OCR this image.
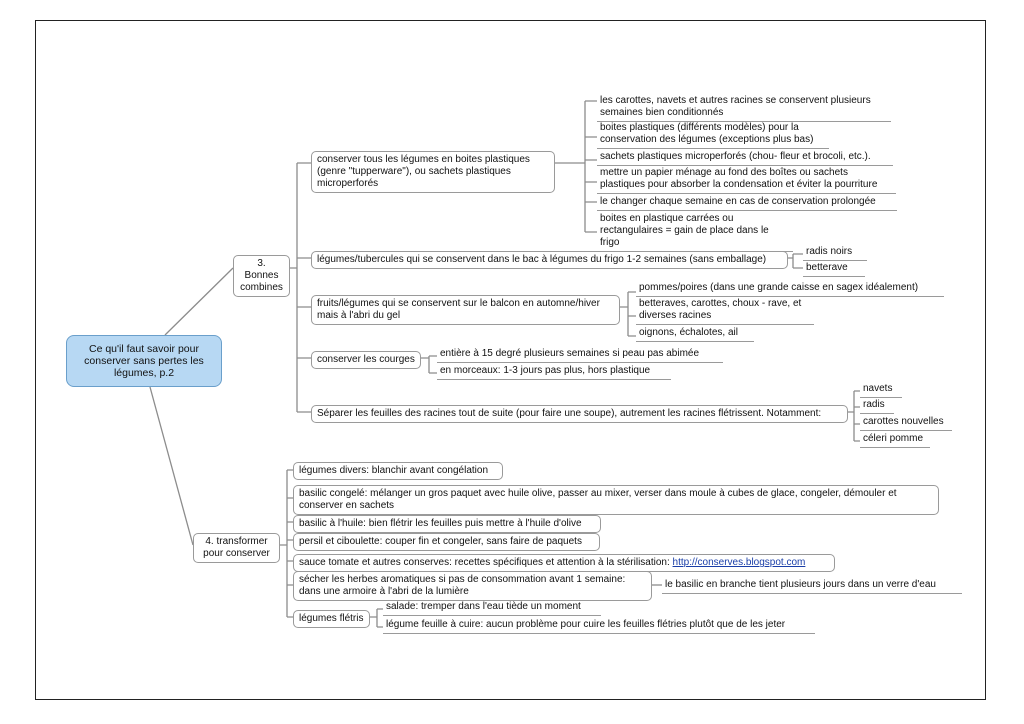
Ce qu'il faut savoir pour conserver sans pertes les légumes, p.2
3. Bonnes combines
conserver tous les légumes en boites plastiques (genre "tupperware"), ou sachets plastiques microperforés
les carottes, navets et autres racines se conservent plusieurs semaines bien conditionnés
boites plastiques (différents modèles) pour la conservation des légumes (exceptions plus bas)
sachets plastiques microperforés (chou- fleur et brocoli, etc.).
mettre un papier ménage au fond des boîtes ou sachets plastiques pour absorber la condensation et éviter la pourriture
le changer chaque semaine en cas de conservation prolongée
boites en plastique carrées ou rectangulaires = gain de place dans le frigo
légumes/tubercules qui se conservent dans le bac à légumes du frigo 1-2 semaines (sans emballage)
radis noirs
betterave
fruits/légumes qui se conservent sur le balcon en automne/hiver mais à l'abri du gel
pommes/poires (dans une grande caisse en sagex idéalement)
betteraves, carottes, choux - rave, et diverses racines
oignons, échalotes, ail
conserver les courges
entière à 15 degré plusieurs semaines si peau pas abimée
en morceaux: 1-3 jours pas plus, hors plastique
Séparer les feuilles des racines tout de suite (pour faire une soupe), autrement les racines flétrissent. Notamment:
navets
radis
carottes nouvelles
céleri pomme
4. transformer pour conserver
légumes divers: blanchir avant congélation
basilic congelé: mélanger un gros paquet avec huile olive, passer au mixer, verser dans moule à cubes de glace, congeler, démouler et conserver en sachets
basilic à l'huile: bien flétrir les feuilles puis mettre à l'huile d'olive
persil et ciboulette: couper fin et congeler, sans faire de paquets
sauce tomate et autres conserves: recettes spécifiques et attention à la stérilisation: http://conserves.blogspot.com
sécher les herbes aromatiques si pas de consommation avant 1 semaine: dans une armoire à l'abri de la lumière
le basilic en branche tient plusieurs jours dans un verre d'eau
légumes flétris
salade: tremper dans l'eau tiède un moment
légume feuille à cuire: aucun problème pour cuire les feuilles flétries plutôt que de les jeter
